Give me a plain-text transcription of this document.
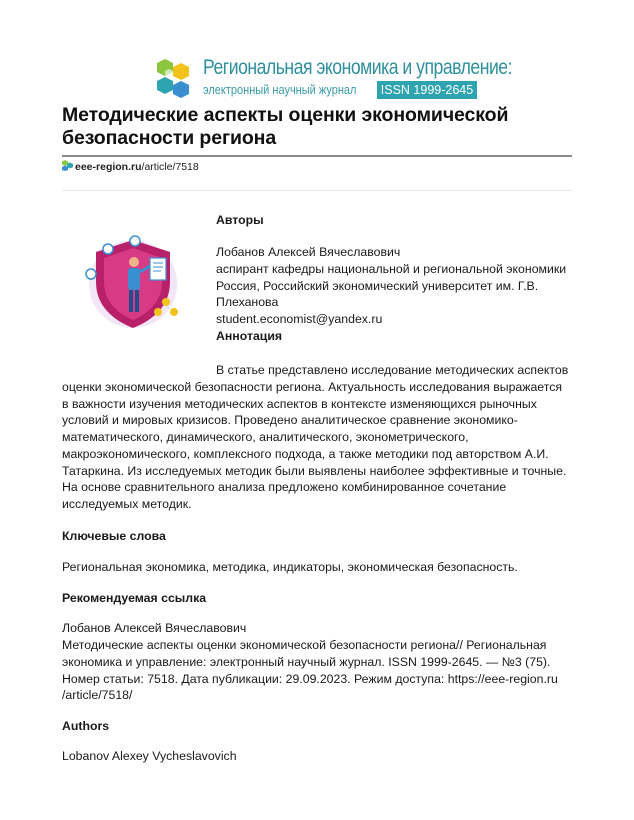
Региональная экономика и управление:
электронный научный журнал	ISSN 1999-2645
Методические аспекты оценки экономической
безопасности региона
eee-region.ru/article/7518
Авторы
Лобанов Алексей Вячеславович
аспирант кафедры национальной и региональной экономики
Россия, Российский экономический университет им. Г.В.
Плеханова
student.economist@yandex.ru
Аннотация
В статье представлено исследование методических аспектов
оценки экономической безопасности региона. Актуальность исследования выражается
в важности изучения методических аспектов в контексте изменяющихся рыночных
условий и мировых кризисов. Проведено аналитическое сравнение экономико-
математического, динамического, аналитического, эконометрического,
макроэкономического, комплексного подхода, а также методики под авторством А.И.
Татаркина. Из исследуемых методик были выявлены наиболее эффективные и точные.
На основе сравнительного анализа предложено комбинированное сочетание
исследуемых методик.
Ключевые слова
Региональная экономика, методика, индикаторы, экономическая безопасность.
Рекомендуемая ссылка
Лобанов Алексей Вячеславович
Методические аспекты оценки экономической безопасности региона// Региональная
экономика и управление: электронный научный журнал. ISSN 1999-2645. — №3 (75).
Номер статьи: 7518. Дата публикации: 29.09.2023. Режим доступа: https://eee-region.ru
/article/7518/
Authors
Lobanov Alexey Vycheslavovich
